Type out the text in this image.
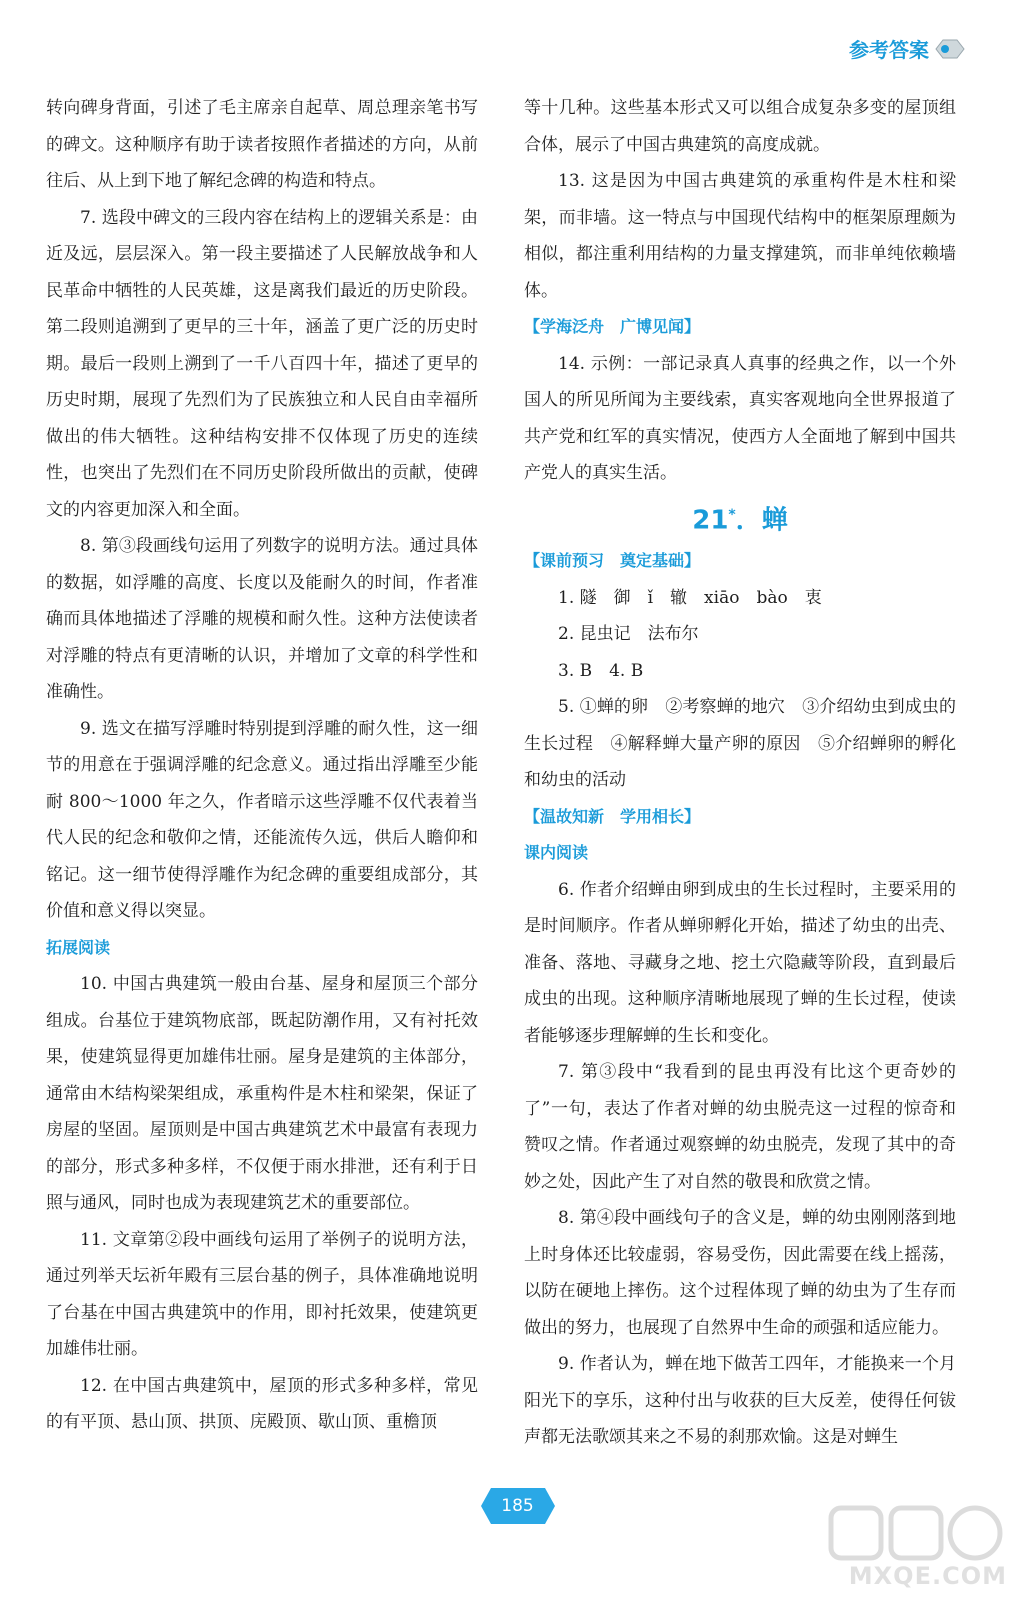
参考答案

转向碑身背面，引述了毛主席亲自起草、周总理亲笔书写的碑文。这种顺序有助于读者按照作者描述的方向，从前往后、从上到下地了解纪念碑的构造和特点。

7. 选段中碑文的三段内容在结构上的逻辑关系是：由近及远，层层深入。第一段主要描述了人民解放战争和人民革命中牺牲的人民英雄，这是离我们最近的历史阶段。第二段则追溯到了更早的三十年，涵盖了更广泛的历史时期。最后一段则上溯到了一千八百四十年，描述了更早的历史时期，展现了先烈们为了民族独立和人民自由幸福所做出的伟大牺牲。这种结构安排不仅体现了历史的连续性，也突出了先烈们在不同历史阶段所做出的贡献，使碑文的内容更加深入和全面。

8. 第③段画线句运用了列数字的说明方法。通过具体的数据，如浮雕的高度、长度以及能耐久的时间，作者准确而具体地描述了浮雕的规模和耐久性。这种方法使读者对浮雕的特点有更清晰的认识，并增加了文章的科学性和准确性。

9. 选文在描写浮雕时特别提到浮雕的耐久性，这一细节的用意在于强调浮雕的纪念意义。通过指出浮雕至少能耐 800～1000 年之久，作者暗示这些浮雕不仅代表着当代人民的纪念和敬仰之情，还能流传久远，供后人瞻仰和铭记。这一细节使得浮雕作为纪念碑的重要组成部分，其价值和意义得以突显。

拓展阅读

10. 中国古典建筑一般由台基、屋身和屋顶三个部分组成。台基位于建筑物底部，既起防潮作用，又有衬托效果，使建筑显得更加雄伟壮丽。屋身是建筑的主体部分，通常由木结构梁架组成，承重构件是木柱和梁架，保证了房屋的坚固。屋顶则是中国古典建筑艺术中最富有表现力的部分，形式多种多样，不仅便于雨水排泄，还有利于日照与通风，同时也成为表现建筑艺术的重要部位。

11. 文章第②段中画线句运用了举例子的说明方法，通过列举天坛祈年殿有三层台基的例子，具体准确地说明了台基在中国古典建筑中的作用，即衬托效果，使建筑更加雄伟壮丽。

12. 在中国古典建筑中，屋顶的形式多种多样，常见的有平顶、悬山顶、拱顶、庑殿顶、歇山顶、重檐顶

等十几种。这些基本形式又可以组合成复杂多变的屋顶组合体，展示了中国古典建筑的高度成就。

13. 这是因为中国古典建筑的承重构件是木柱和梁架，而非墙。这一特点与中国现代结构中的框架原理颇为相似，都注重利用结构的力量支撑建筑，而非单纯依赖墙体。

【学海泛舟　广博见闻】

14. 示例：一部记录真人真事的经典之作，以一个外国人的所见所闻为主要线索，真实客观地向全世界报道了共产党和红军的真实情况，使西方人全面地了解到中国共产党人的真实生活。

21*．蝉

【课前预习　奠定基础】

1. 隧　御　ǐ　辙　xiāo　bào　衷

2. 昆虫记　法布尔

3. B　4. B

5. ①蝉的卵　②考察蝉的地穴　③介绍幼虫到成虫的生长过程　④解释蝉大量产卵的原因　⑤介绍蝉卵的孵化和幼虫的活动

【温故知新　学用相长】

课内阅读

6. 作者介绍蝉由卵到成虫的生长过程时，主要采用的是时间顺序。作者从蝉卵孵化开始，描述了幼虫的出壳、准备、落地、寻藏身之地、挖土穴隐藏等阶段，直到最后成虫的出现。这种顺序清晰地展现了蝉的生长过程，使读者能够逐步理解蝉的生长和变化。

7. 第③段中“我看到的昆虫再没有比这个更奇妙的了”一句，表达了作者对蝉的幼虫脱壳这一过程的惊奇和赞叹之情。作者通过观察蝉的幼虫脱壳，发现了其中的奇妙之处，因此产生了对自然的敬畏和欣赏之情。

8. 第④段中画线句子的含义是，蝉的幼虫刚刚落到地上时身体还比较虚弱，容易受伤，因此需要在线上摇荡，以防在硬地上摔伤。这个过程体现了蝉的幼虫为了生存而做出的努力，也展现了自然界中生命的顽强和适应能力。

9. 作者认为，蝉在地下做苦工四年，才能换来一个月阳光下的享乐，这种付出与收获的巨大反差，使得任何钹声都无法歌颂其来之不易的刹那欢愉。这是对蝉生

185
MXQE.COM
